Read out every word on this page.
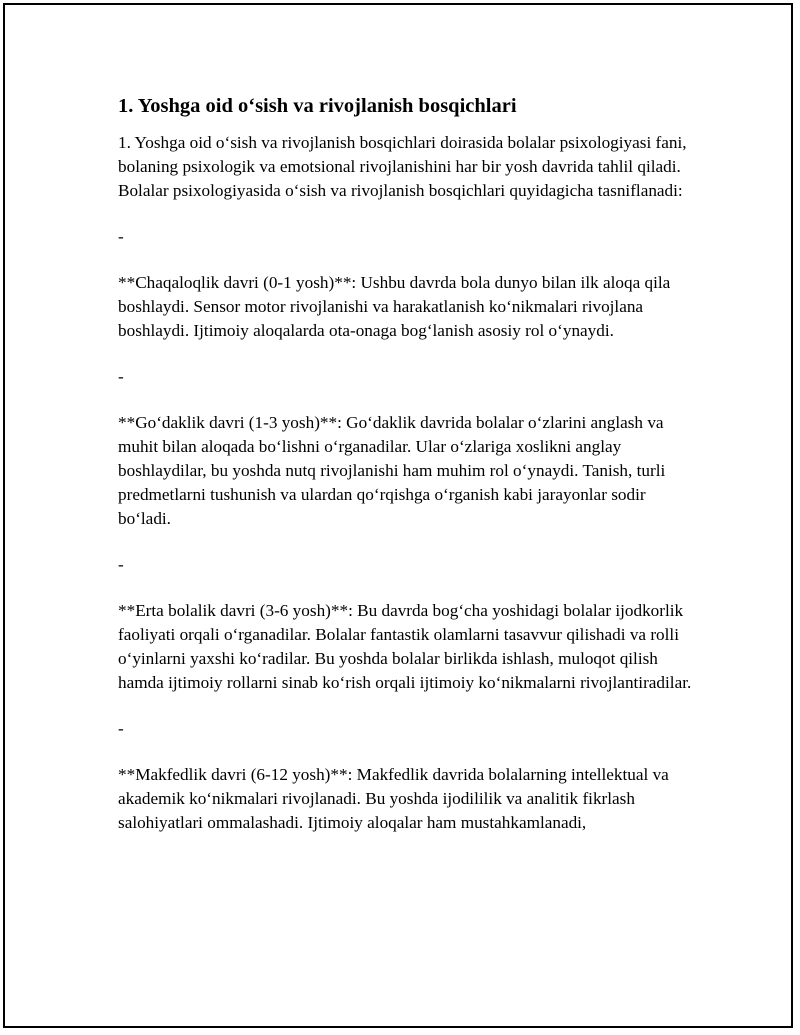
1. Yoshga oid o‘sish va rivojlanish bosqichlari

1. Yoshga oid o‘sish va rivojlanish bosqichlari doirasida bolalar psixologiyasi fani, bolaning psixologik va emotsional rivojlanishini har bir yosh davrida tahlil qiladi. Bolalar psixologiyasida o‘sish va rivojlanish bosqichlari quyidagicha tasniflanadi:

-

**Chaqaloqlik davri (0-1 yosh)**: Ushbu davrda bola dunyo bilan ilk aloqa qila boshlaydi. Sensor motor rivojlanishi va harakatlanish ko‘nikmalari rivojlana boshlaydi. Ijtimoiy aloqalarda ota-onaga bog‘lanish asosiy rol o‘ynaydi.

-

**Go‘daklik davri (1-3 yosh)**: Go‘daklik davrida bolalar o‘zlarini anglash va muhit bilan aloqada bo‘lishni o‘rganadilar. Ular o‘zlariga xoslikni anglay boshlaydilar, bu yoshda nutq rivojlanishi ham muhim rol o‘ynaydi. Tanish, turli predmetlarni tushunish va ulardan qo‘rqishga o‘rganish kabi jarayonlar sodir bo‘ladi.

-

**Erta bolalik davri (3-6 yosh)**: Bu davrda bog‘cha yoshidagi bolalar ijodkorlik faoliyati orqali o‘rganadilar. Bolalar fantastik olamlarni tasavvur qilishadi va rolli o‘yinlarni yaxshi ko‘radilar. Bu yoshda bolalar birlikda ishlash, muloqot qilish hamda ijtimoiy rollarni sinab ko‘rish orqali ijtimoiy ko‘nikmalarni rivojlantiradilar.

-

**Makfedlik davri (6-12 yosh)**: Makfedlik davrida bolalarning intellektual va akademik ko‘nikmalari rivojlanadi. Bu yoshda ijodililik va analitik fikrlash salohiyatlari ommalashadi. Ijtimoiy aloqalar ham mustahkamlanadi,
